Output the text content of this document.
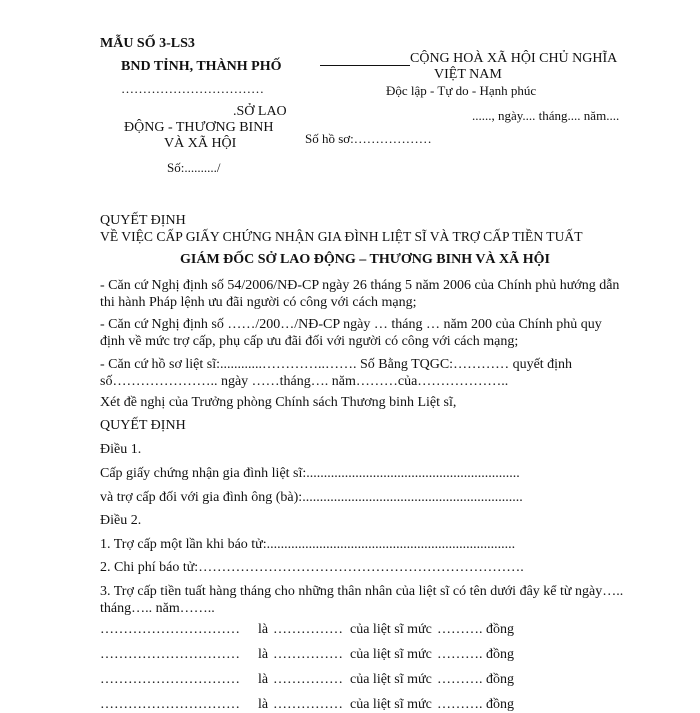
MẪU SỐ 3-LS3
BND TỈNH, THÀNH PHỐ
……………………………
.SỞ LAO
ĐỘNG - THƯƠNG BINH
VÀ XÃ HỘI
Số:........../
CỘNG HOÀ XÃ HỘI CHỦ NGHĨA
VIỆT NAM
Độc lập - Tự do - Hạnh phúc
......, ngày.... tháng.... năm....
Số hồ sơ:………………
QUYẾT ĐỊNH
VỀ VIỆC CẤP GIẤY CHỨNG NHẬN GIA ĐÌNH LIỆT SĨ VÀ TRỢ CẤP TIỀN TUẤT
GIÁM ĐỐC SỞ LAO ĐỘNG – THƯƠNG BINH VÀ XÃ HỘI
- Căn cứ Nghị định số 54/2006/NĐ-CP ngày 26 tháng 5 năm 2006 của Chính phủ hướng dẫn thi hành Pháp lệnh ưu đãi người có công với cách mạng;
- Căn cứ Nghị định số ……/200…/NĐ-CP ngày … tháng … năm 200 của Chính phủ quy định về mức trợ cấp, phụ cấp ưu đãi đối với người có công với cách mạng;
- Căn cứ hồ sơ liệt sĩ:............…………..……. Số Bằng TQGC:………… quyết định số………………….. ngày ……tháng…. năm………của………………..
Xét đề nghị của Trưởng phòng Chính sách Thương binh Liệt sĩ,
QUYẾT ĐỊNH
Điều 1.
Cấp giấy chứng nhận gia đình liệt sĩ:.............................................................
và trợ cấp đối với gia đình ông (bà):...............................................................
Điều 2.
1. Trợ cấp một lần khi báo tử:.......................................................................
2. Chi phí báo tử:…………………………………………………………….
3. Trợ cấp tiền tuất hàng tháng cho những thân nhân của liệt sĩ có tên dưới đây kể từ ngày….. tháng….. năm……..
………………………… là …………… của liệt sĩ mức ………. đồng
………………………… là …………… của liệt sĩ mức ………. đồng
………………………… là …………… của liệt sĩ mức ………. đồng
………………………… là …………… của liệt sĩ mức ………. đồng
